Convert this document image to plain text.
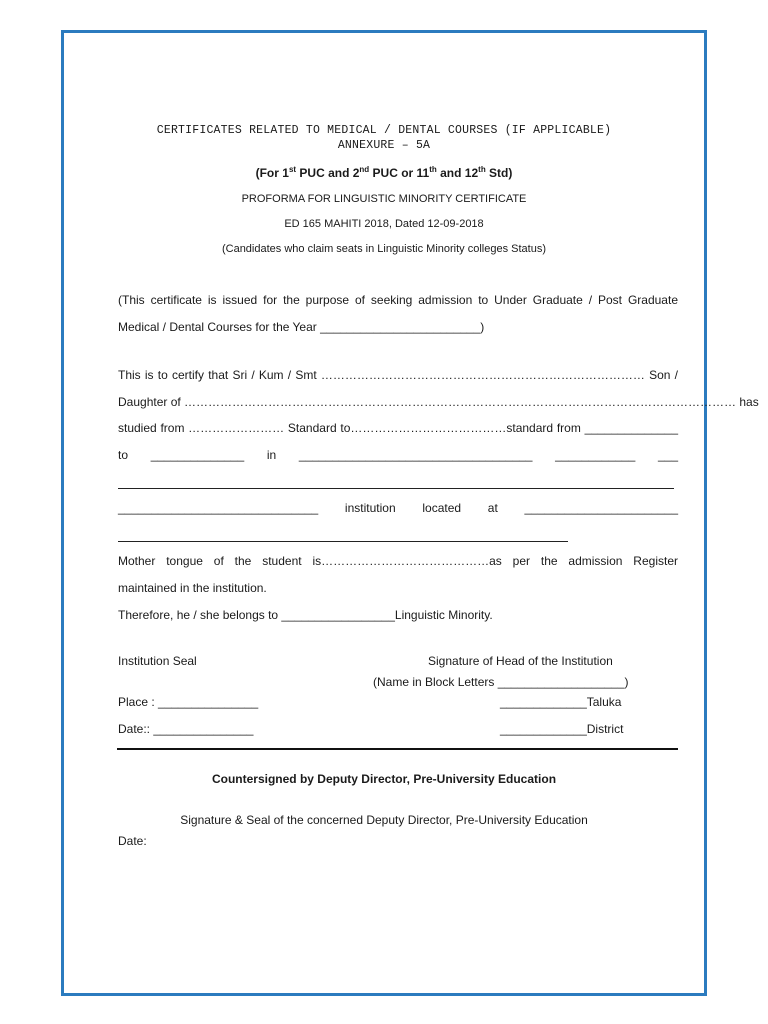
CERTIFICATES RELATED TO MEDICAL / DENTAL COURSES (IF APPLICABLE)
ANNEXURE – 5A
(For 1st PUC and 2nd PUC or 11th and 12th Std)
PROFORMA FOR LINGUISTIC MINORITY CERTIFICATE
ED 165 MAHITI 2018, Dated 12-09-2018
(Candidates who claim seats in Linguistic Minority colleges Status)
(This certificate is issued for the purpose of seeking admission to Under Graduate / Post Graduate
Medical / Dental Courses for the Year ________________________)
This is to certify that Sri / Kum / Smt ……………………………………………………………………… Son /
Daughter of ………………………………………………………………………………………………………………………… has
studied from …………………… Standard to…………………………………standard from ______________
to ______________ in ___________________________________ ____________ ___
______________________________ institution located at _______________________
Mother tongue of the student is……………………………………as per the admission Register
maintained in the institution.
Therefore, he / she belongs to _________________Linguistic Minority.
Institution Seal	Signature of Head of the Institution
(Name in Block Letters ___________________)
Place : _______________	_____________Taluka
Date:: _______________	_____________District
Countersigned by Deputy Director, Pre-University Education
Signature & Seal of the concerned Deputy Director, Pre-University Education
Date:
